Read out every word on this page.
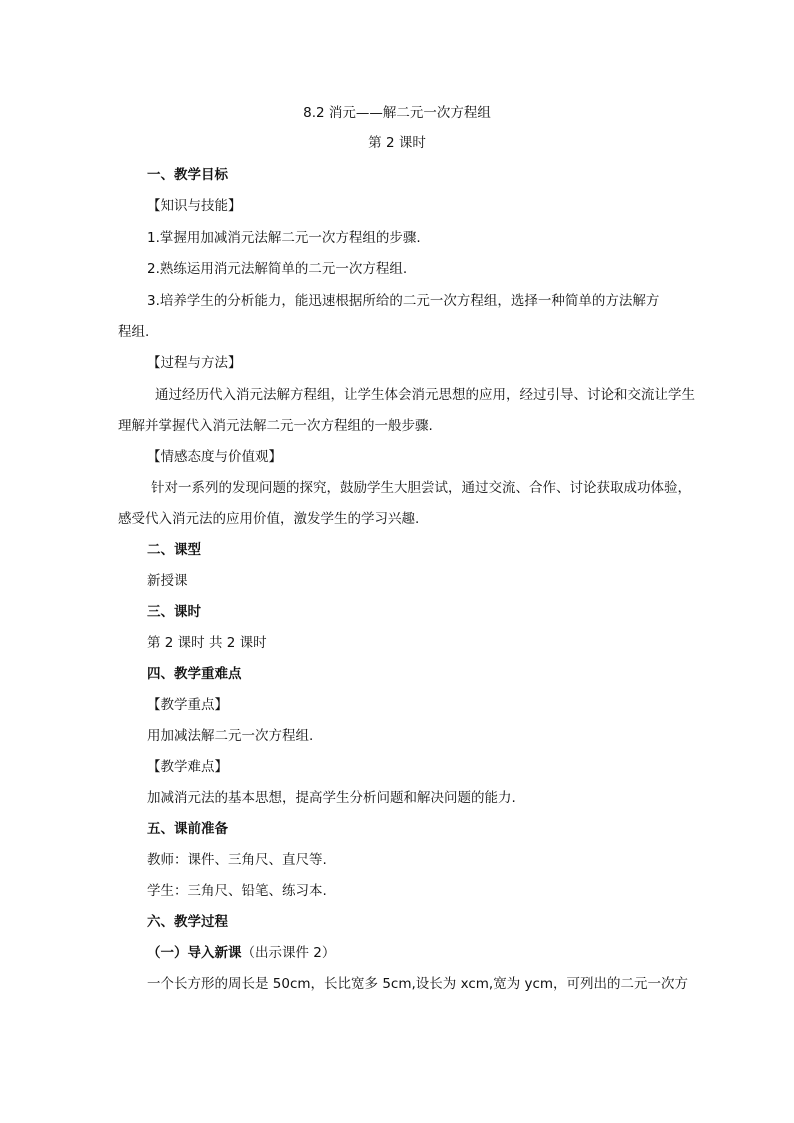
8.2 消元——解二元一次方程组
第 2 课时
一、教学目标
【知识与技能】
1.掌握用加减消元法解二元一次方程组的步骤.
2.熟练运用消元法解简单的二元一次方程组.
3.培养学生的分析能力，能迅速根据所给的二元一次方程组，选择一种简单的方法解方
程组.
【过程与方法】
通过经历代入消元法解方程组，让学生体会消元思想的应用，经过引导、讨论和交流让学生
理解并掌握代入消元法解二元一次方程组的一般步骤.
【情感态度与价值观】
针对一系列的发现问题的探究，鼓励学生大胆尝试，通过交流、合作、讨论获取成功体验，
感受代入消元法的应用价值，激发学生的学习兴趣.
二、课型
新授课
三、课时
第 2 课时 共 2 课时
四、教学重难点
【教学重点】
用加减法解二元一次方程组.
【教学难点】
加减消元法的基本思想，提高学生分析问题和解决问题的能力.
五、课前准备
教师：课件、三角尺、直尺等.
学生：三角尺、铅笔、练习本.
六、教学过程
（一）导入新课（出示课件 2）
一个长方形的周长是 50cm，长比宽多 5cm,设长为 xcm,宽为 ycm，可列出的二元一次方
